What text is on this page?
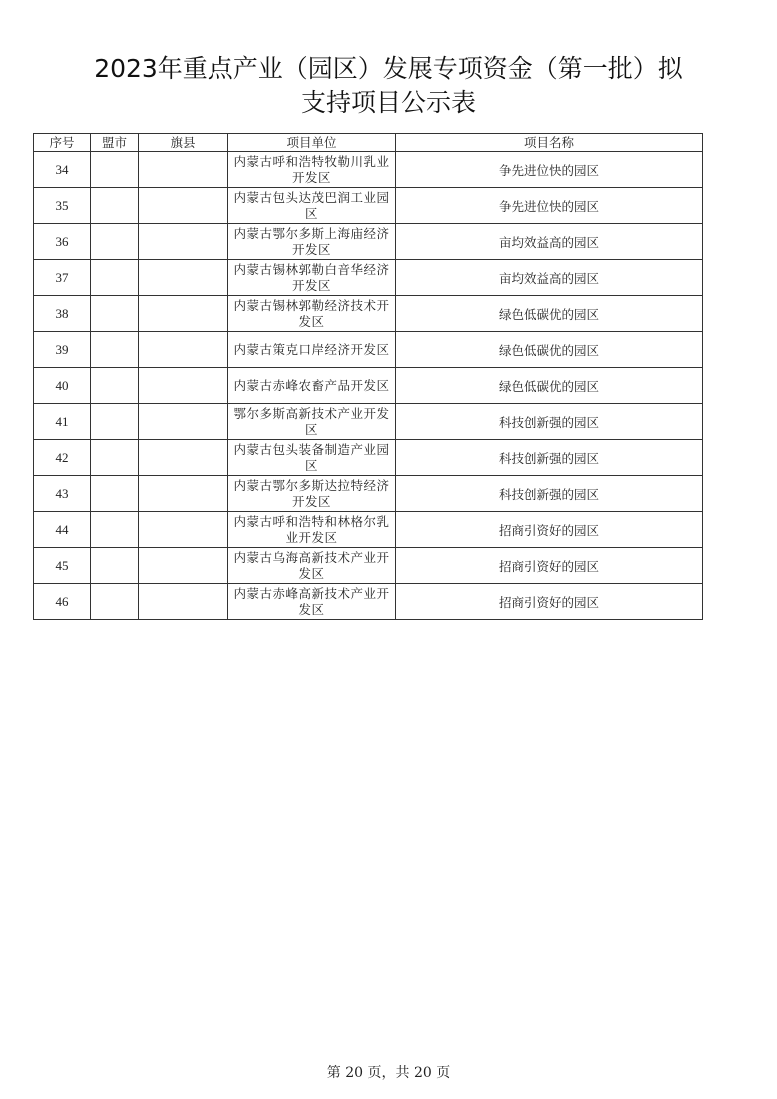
2023年重点产业（园区）发展专项资金（第一批）拟
支持项目公示表
序号	盟市	旗县	项目单位	项目名称
34			内蒙古呼和浩特牧勒川乳业开发区	争先进位快的园区
35			内蒙古包头达茂巴润工业园区	争先进位快的园区
36			内蒙古鄂尔多斯上海庙经济开发区	亩均效益高的园区
37			内蒙古锡林郭勒白音华经济开发区	亩均效益高的园区
38			内蒙古锡林郭勒经济技术开发区	绿色低碳优的园区
39			内蒙古策克口岸经济开发区	绿色低碳优的园区
40			内蒙古赤峰农畜产品开发区	绿色低碳优的园区
41			鄂尔多斯高新技术产业开发区	科技创新强的园区
42			内蒙古包头装备制造产业园区	科技创新强的园区
43			内蒙古鄂尔多斯达拉特经济开发区	科技创新强的园区
44			内蒙古呼和浩特和林格尔乳业开发区	招商引资好的园区
45			内蒙古乌海高新技术产业开发区	招商引资好的园区
46			内蒙古赤峰高新技术产业开发区	招商引资好的园区
第 20 页，共 20 页
